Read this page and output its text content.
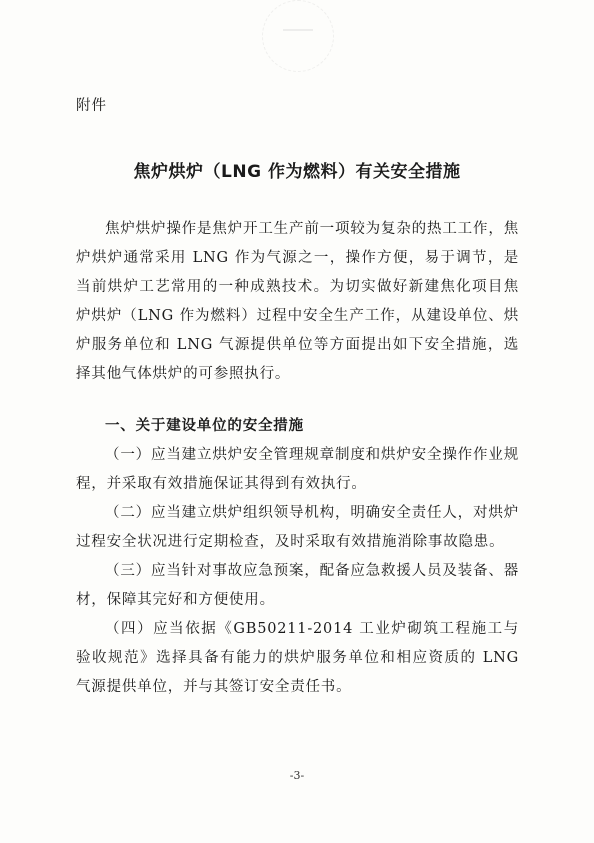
附件
焦炉烘炉（LNG 作为燃料）有关安全措施

焦炉烘炉操作是焦炉开工生产前一项较为复杂的热工工作，焦炉烘炉通常采用 LNG 作为气源之一，操作方便，易于调节，是当前烘炉工艺常用的一种成熟技术。为切实做好新建焦化项目焦炉烘炉（LNG 作为燃料）过程中安全生产工作，从建设单位、烘炉服务单位和 LNG 气源提供单位等方面提出如下安全措施，选择其他气体烘炉的可参照执行。

一、关于建设单位的安全措施

（一）应当建立烘炉安全管理规章制度和烘炉安全操作作业规程，并采取有效措施保证其得到有效执行。

（二）应当建立烘炉组织领导机构，明确安全责任人，对烘炉过程安全状况进行定期检查，及时采取有效措施消除事故隐患。

（三）应当针对事故应急预案，配备应急救援人员及装备、器材，保障其完好和方便使用。

（四）应当依据《GB50211-2014 工业炉砌筑工程施工与验收规范》选择具备有能力的烘炉服务单位和相应资质的 LNG 气源提供单位，并与其签订安全责任书。

-3-
